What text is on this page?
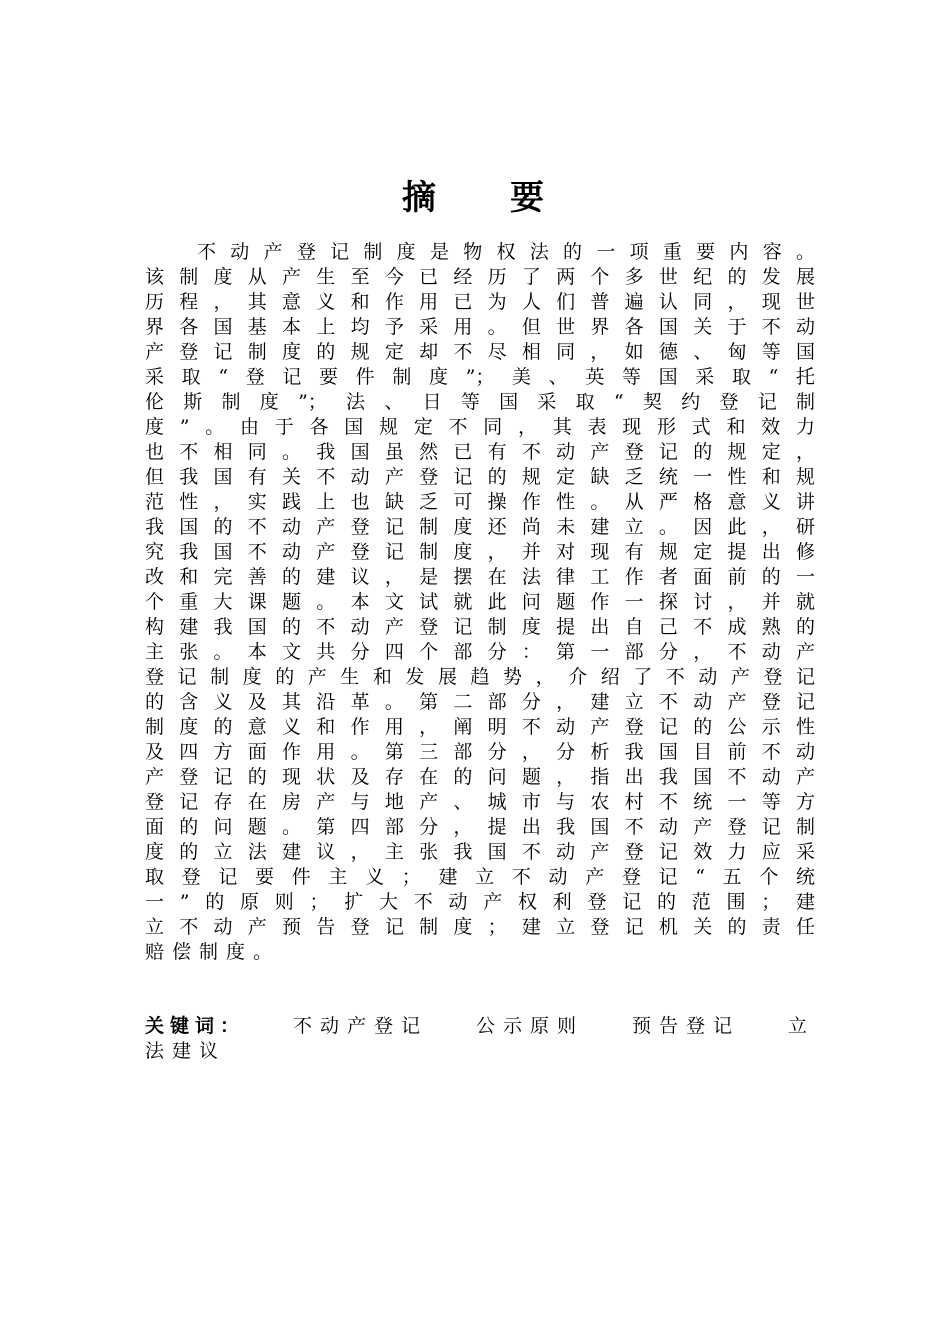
摘 要
不动产登记制度是物权法的一项重要内容。
该制度从产生至今已经历了两个多世纪的发展
历程，其意义和作用已为人们普遍认同，现世
界各国基本上均予采用。但世界各国关于不动
产登记制度的规定却不尽相同，如德、匈等国
采取“登记要件制度”；美、英等国采取“托
伦斯制度”；法、日等国采取“契约登记制
度”。由于各国规定不同，其表现形式和效力
也不相同。我国虽然已有不动产登记的规定，
但我国有关不动产登记的规定缺乏统一性和规
范性，实践上也缺乏可操作性。从严格意义讲
我国的不动产登记制度还尚未建立。因此，研
究我国不动产登记制度，并对现有规定提出修
改和完善的建议，是摆在法律工作者面前的一
个重大课题。本文试就此问题作一探讨，并就
构建我国的不动产登记制度提出自己不成熟的
主张。本文共分四个部分：第一部分，不动产
登记制度的产生和发展趋势，介绍了不动产登记
的含义及其沿革。第二部分，建立不动产登记
制度的意义和作用，阐明不动产登记的公示性
及四方面作用。第三部分，分析我国目前不动
产登记的现状及存在的问题，指出我国不动产
登记存在房产与地产、城市与农村不统一等方
面的问题。第四部分，提出我国不动产登记制
度的立法建议，主张我国不动产登记效力应采
取登记要件主义；建立不动产登记“五个统
一”的原则；扩大不动产权利登记的范围；建
立不动产预告登记制度；建立登记机关的责任
赔偿制度。
关键词：	不动产登记	公示原则	预告登记	立
法建议
